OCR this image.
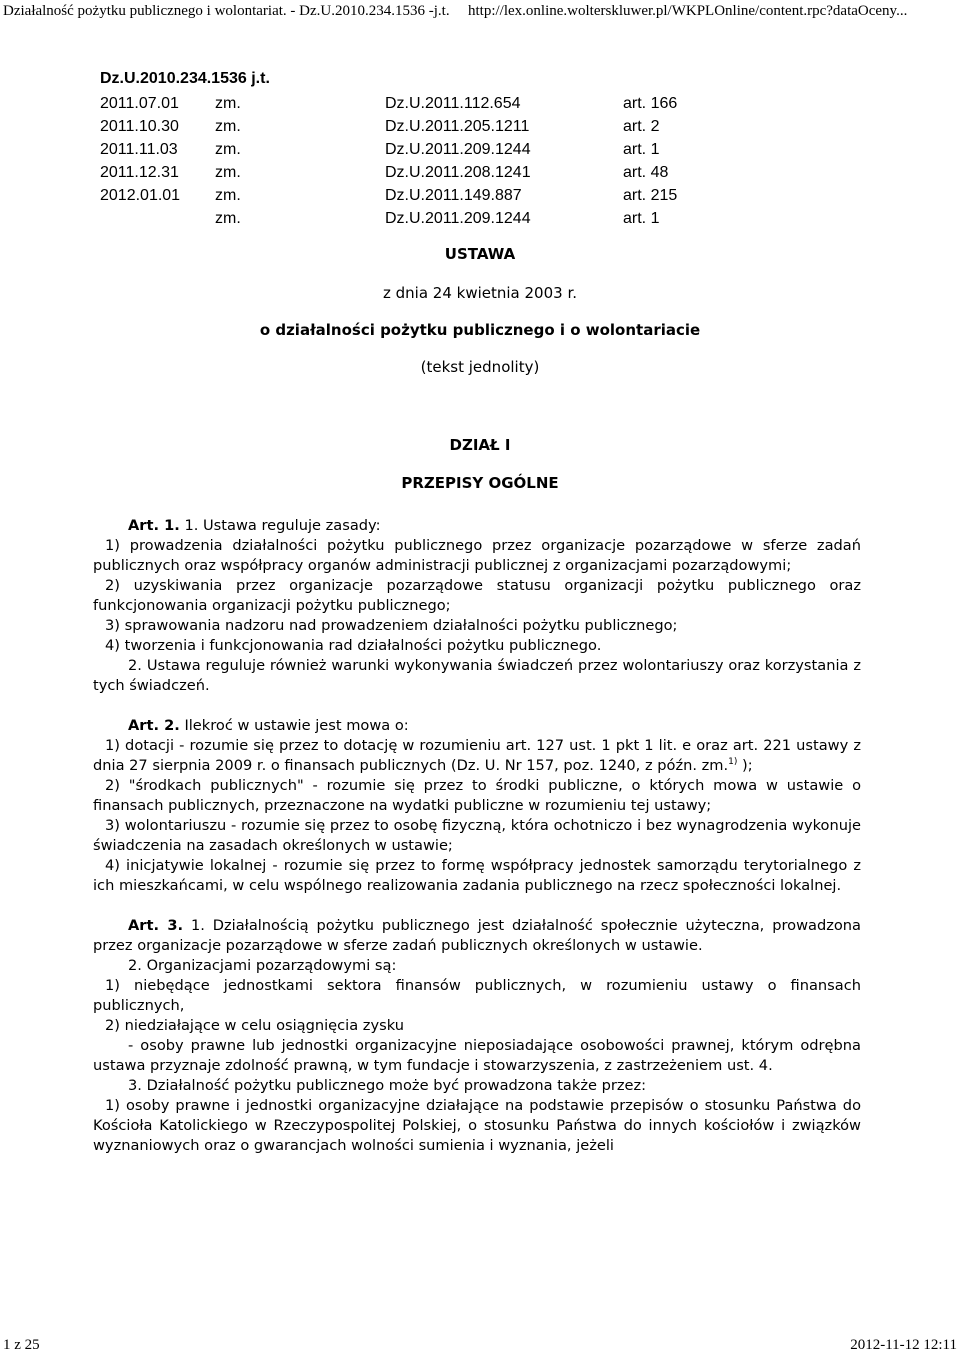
Działalność pożytku publicznego i wolontariat. - Dz.U.2010.234.1536 -j.t. http://lex.online.wolterskluwer.pl/WKPLOnline/content.rpc?dataOceny...
Dz.U.2010.234.1536 j.t.
2011.07.01 zm.	Dz.U.2011.112.654	art. 166
2011.10.30 zm.	Dz.U.2011.205.1211	art. 2
2011.11.03 zm.	Dz.U.2011.209.1244	art. 1
2011.12.31 zm.	Dz.U.2011.208.1241	art. 48
2012.01.01 zm.	Dz.U.2011.149.887	art. 215
zm.	Dz.U.2011.209.1244	art. 1
USTAWA
z dnia 24 kwietnia 2003 r.
o działalności pożytku publicznego i o wolontariacie
(tekst jednolity)
DZIAŁ I
PRZEPISY OGÓLNE

Art. 1. 1. Ustawa reguluje zasady:

1) prowadzenia działalności pożytku publicznego przez organizacje pozarządowe w sferze zadań publicznych oraz współpracy organów administracji publicznej z organizacjami pozarządowymi;

2) uzyskiwania przez organizacje pozarządowe statusu organizacji pożytku publicznego oraz funkcjonowania organizacji pożytku publicznego;

3) sprawowania nadzoru nad prowadzeniem działalności pożytku publicznego;

4) tworzenia i funkcjonowania rad działalności pożytku publicznego.

2. Ustawa reguluje również warunki wykonywania świadczeń przez wolontariuszy oraz korzystania z tych świadczeń.

Art. 2. Ilekroć w ustawie jest mowa o:

1) dotacji - rozumie się przez to dotację w rozumieniu art. 127 ust. 1 pkt 1 lit. e oraz art. 221 ustawy z dnia 27 sierpnia 2009 r. o finansach publicznych (Dz. U. Nr 157, poz. 1240, z późn. zm.$^{1)}$ );

2) "środkach publicznych" - rozumie się przez to środki publiczne, o których mowa w ustawie o finansach publicznych, przeznaczone na wydatki publiczne w rozumieniu tej ustawy;

3) wolontariuszu - rozumie się przez to osobę fizyczną, która ochotniczo i bez wynagrodzenia wykonuje świadczenia na zasadach określonych w ustawie;

4) inicjatywie lokalnej - rozumie się przez to formę współpracy jednostek samorządu terytorialnego z ich mieszkańcami, w celu wspólnego realizowania zadania publicznego na rzecz społeczności lokalnej.

Art. 3. 1. Działalnością pożytku publicznego jest działalność społecznie użyteczna, prowadzona przez organizacje pozarządowe w sferze zadań publicznych określonych w ustawie.

2. Organizacjami pozarządowymi są:

1) niebędące jednostkami sektora finansów publicznych, w rozumieniu ustawy o finansach publicznych,

2) niedziałające w celu osiągnięcia zysku

- osoby prawne lub jednostki organizacyjne nieposiadające osobowości prawnej, którym odrębna ustawa przyznaje zdolność prawną, w tym fundacje i stowarzyszenia, z zastrzeżeniem ust. 4.

3. Działalność pożytku publicznego może być prowadzona także przez:

1) osoby prawne i jednostki organizacyjne działające na podstawie przepisów o stosunku Państwa do Kościoła Katolickiego w Rzeczypospolitej Polskiej, o stosunku Państwa do innych kościołów i związków wyznaniowych oraz o gwarancjach wolności sumienia i wyznania, jeżeli

1 z 25	2012-11-12 12:11
